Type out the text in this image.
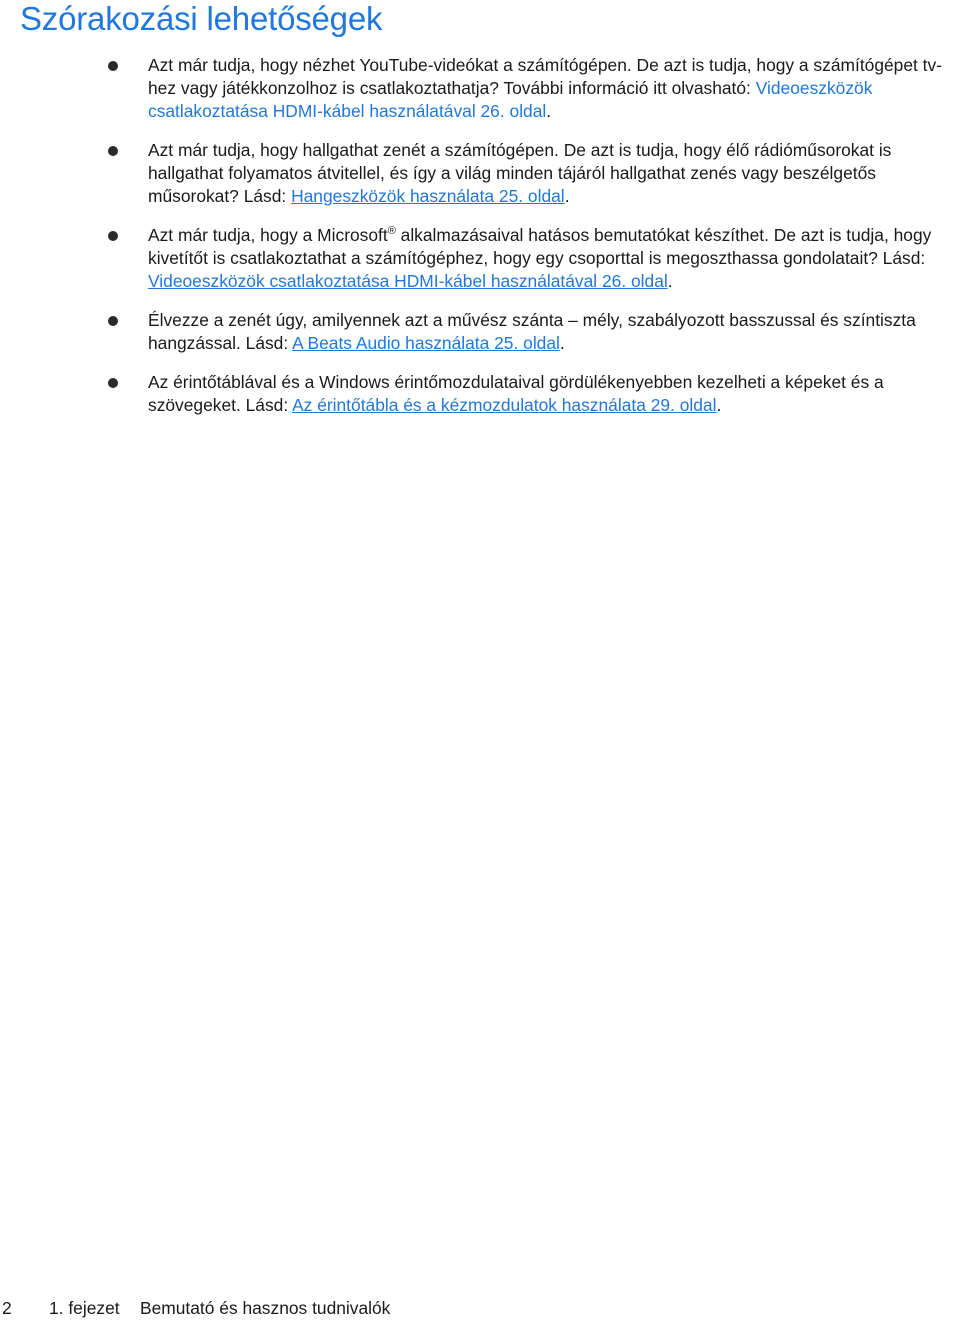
Szórakozási lehetőségek
Azt már tudja, hogy nézhet YouTube-videókat a számítógépen. De azt is tudja, hogy a számítógépet tv-hez vagy játékkonzolhoz is csatlakoztathatja? További információ itt olvasható: Videoeszközök csatlakoztatása HDMI-kábel használatával 26. oldal.
Azt már tudja, hogy hallgathat zenét a számítógépen. De azt is tudja, hogy élő rádióműsorokat is hallgathat folyamatos átvitellel, és így a világ minden tájáról hallgathat zenés vagy beszélgetős műsorokat? Lásd: Hangeszközök használata 25. oldal.
Azt már tudja, hogy a Microsoft® alkalmazásaival hatásos bemutatókat készíthet. De azt is tudja, hogy kivetítőt is csatlakoztathat a számítógéphez, hogy egy csoporttal is megoszthassa gondolatait? Lásd: Videoeszközök csatlakoztatása HDMI-kábel használatával 26. oldal.
Élvezze a zenét úgy, amilyennek azt a művész szánta – mély, szabályozott basszussal és színtiszta hangzással. Lásd: A Beats Audio használata 25. oldal.
Az érintőtáblával és a Windows érintőmozdulataival gördülékenyebben kezelheti a képeket és a szövegeket. Lásd: Az érintőtábla és a kézmozdulatok használata 29. oldal.
2 1. fejezet Bemutató és hasznos tudnivalók
